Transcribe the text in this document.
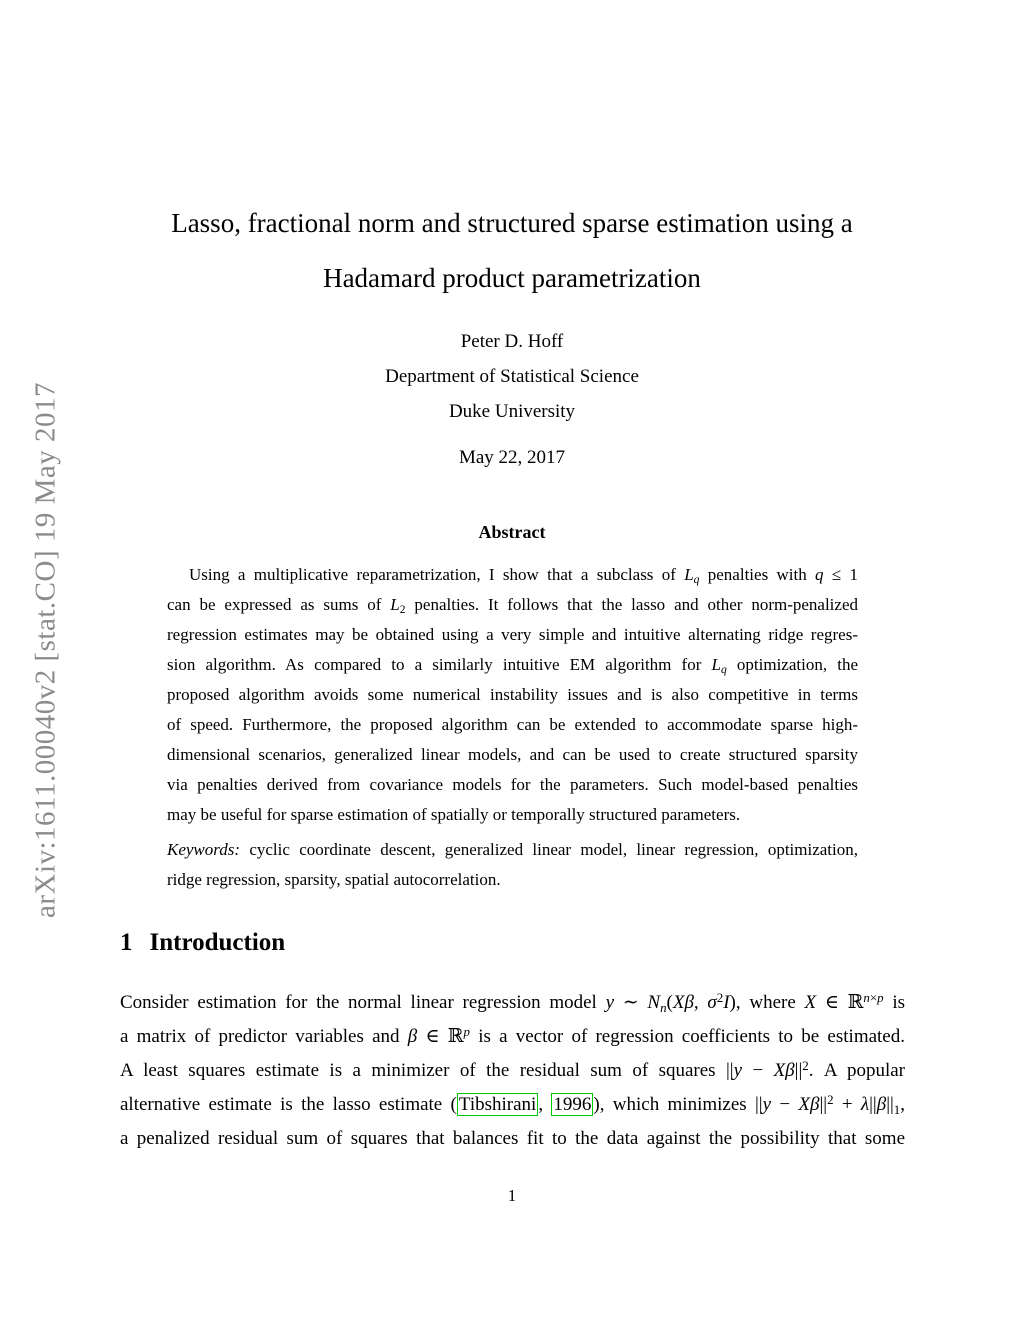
arXiv:1611.00040v2 [stat.CO] 19 May 2017
Lasso, fractional norm and structured sparse estimation using a
Hadamard product parametrization
Peter D. Hoff
Department of Statistical Science
Duke University
May 22, 2017
Abstract
Using a multiplicative reparametrization, I show that a subclass of $L_q$ penalties with q ≤ 1
can be expressed as sums of $L_2$ penalties. It follows that the lasso and other norm-penalized
regression estimates may be obtained using a very simple and intuitive alternating ridge regres-
sion algorithm. As compared to a similarly intuitive EM algorithm for $L_q$ optimization, the
proposed algorithm avoids some numerical instability issues and is also competitive in terms
of speed. Furthermore, the proposed algorithm can be extended to accommodate sparse high-
dimensional scenarios, generalized linear models, and can be used to create structured sparsity
via penalties derived from covariance models for the parameters. Such model-based penalties
may be useful for sparse estimation of spatially or temporally structured parameters.
Keywords: cyclic coordinate descent, generalized linear model, linear regression, optimization,
ridge regression, sparsity, spatial autocorrelation.
1 Introduction
Consider estimation for the normal linear regression model y ∼ $N_n(X\beta$, $\sigma^2I$), where X ∈ ℝ$^{n\times p}$ is
a matrix of predictor variables and β ∈ ℝ$^p$ is a vector of regression coefficients to be estimated.
A least squares estimate is a minimizer of the residual sum of squares $||y - X\beta||^2$. A popular
alternative estimate is the lasso estimate ( Tibshirani , 1996 ), which minimizes $||y - X\beta||^2 + \lambda||\beta||_1$,
a penalized residual sum of squares that balances fit to the data against the possibility that some
1
